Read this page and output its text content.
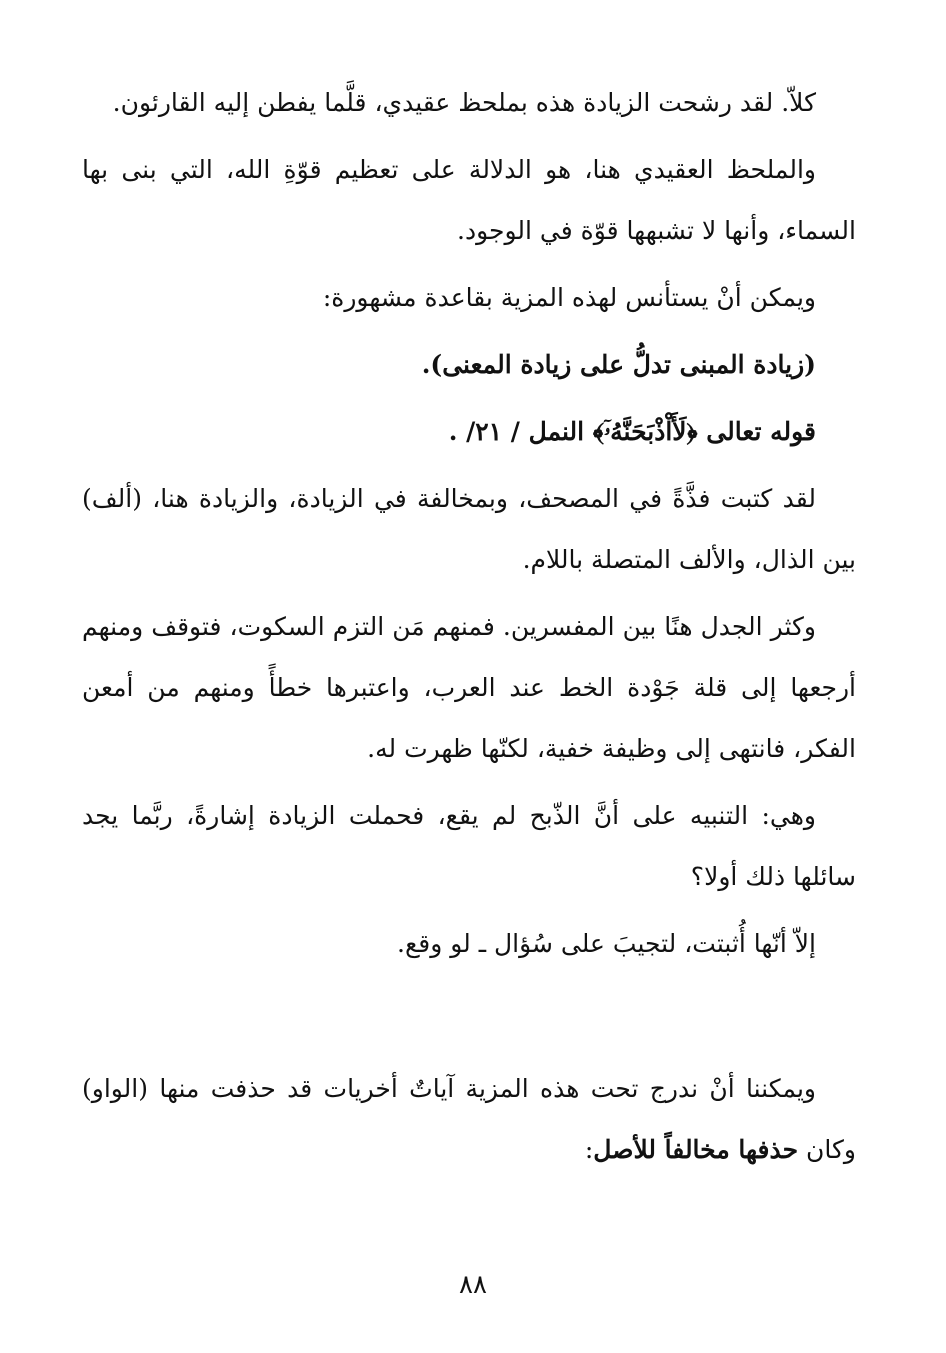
كلاّ. لقد رشحت الزيادة هذه بملحظ عقيدي، قلَّما يفطن إليه القارئون.

والملحظ العقيدي هنا، هو الدلالة على تعظيم قوّةِ الله، التي بنى بها السماء، وأنها لا تشبهها قوّة في الوجود.

ويمكن أنْ يستأنس لهذه المزية بقاعدة مشهورة:

(زيادة المبنى تدلُّ على زيادة المعنى).

قوله تعالى ﴿لَأَاْذْبَحَنَّهُۥٓ﴾ النمل / ٢١/ .

لقد كتبت فذَّةً في المصحف، وبمخالفة في الزيادة، والزيادة هنا، (ألف) بين الذال، والألف المتصلة باللام.

وكثر الجدل هنًا بين المفسرين. فمنهم مَن التزم السكوت، فتوقف ومنهم أرجعها إلى قلة جَوْدة الخط عند العرب، واعتبرها خطأً ومنهم من أمعن الفكر، فانتهى إلى وظيفة خفية، لكنّها ظهرت له.

وهي: التنبيه على أنَّ الذّبح لم يقع، فحملت الزيادة إشارةً، ربَّما يجد سائلها ذلك أولا؟

إلاّ أنّها أُثبتت، لتجيبَ على سُؤال ـ لو وقع.

ويمكننا أنْ ندرج تحت هذه المزية آياتٌ أخريات قد حذفت منها (الواو) وكان حذفها مخالفاً للأصل:

٨٨
